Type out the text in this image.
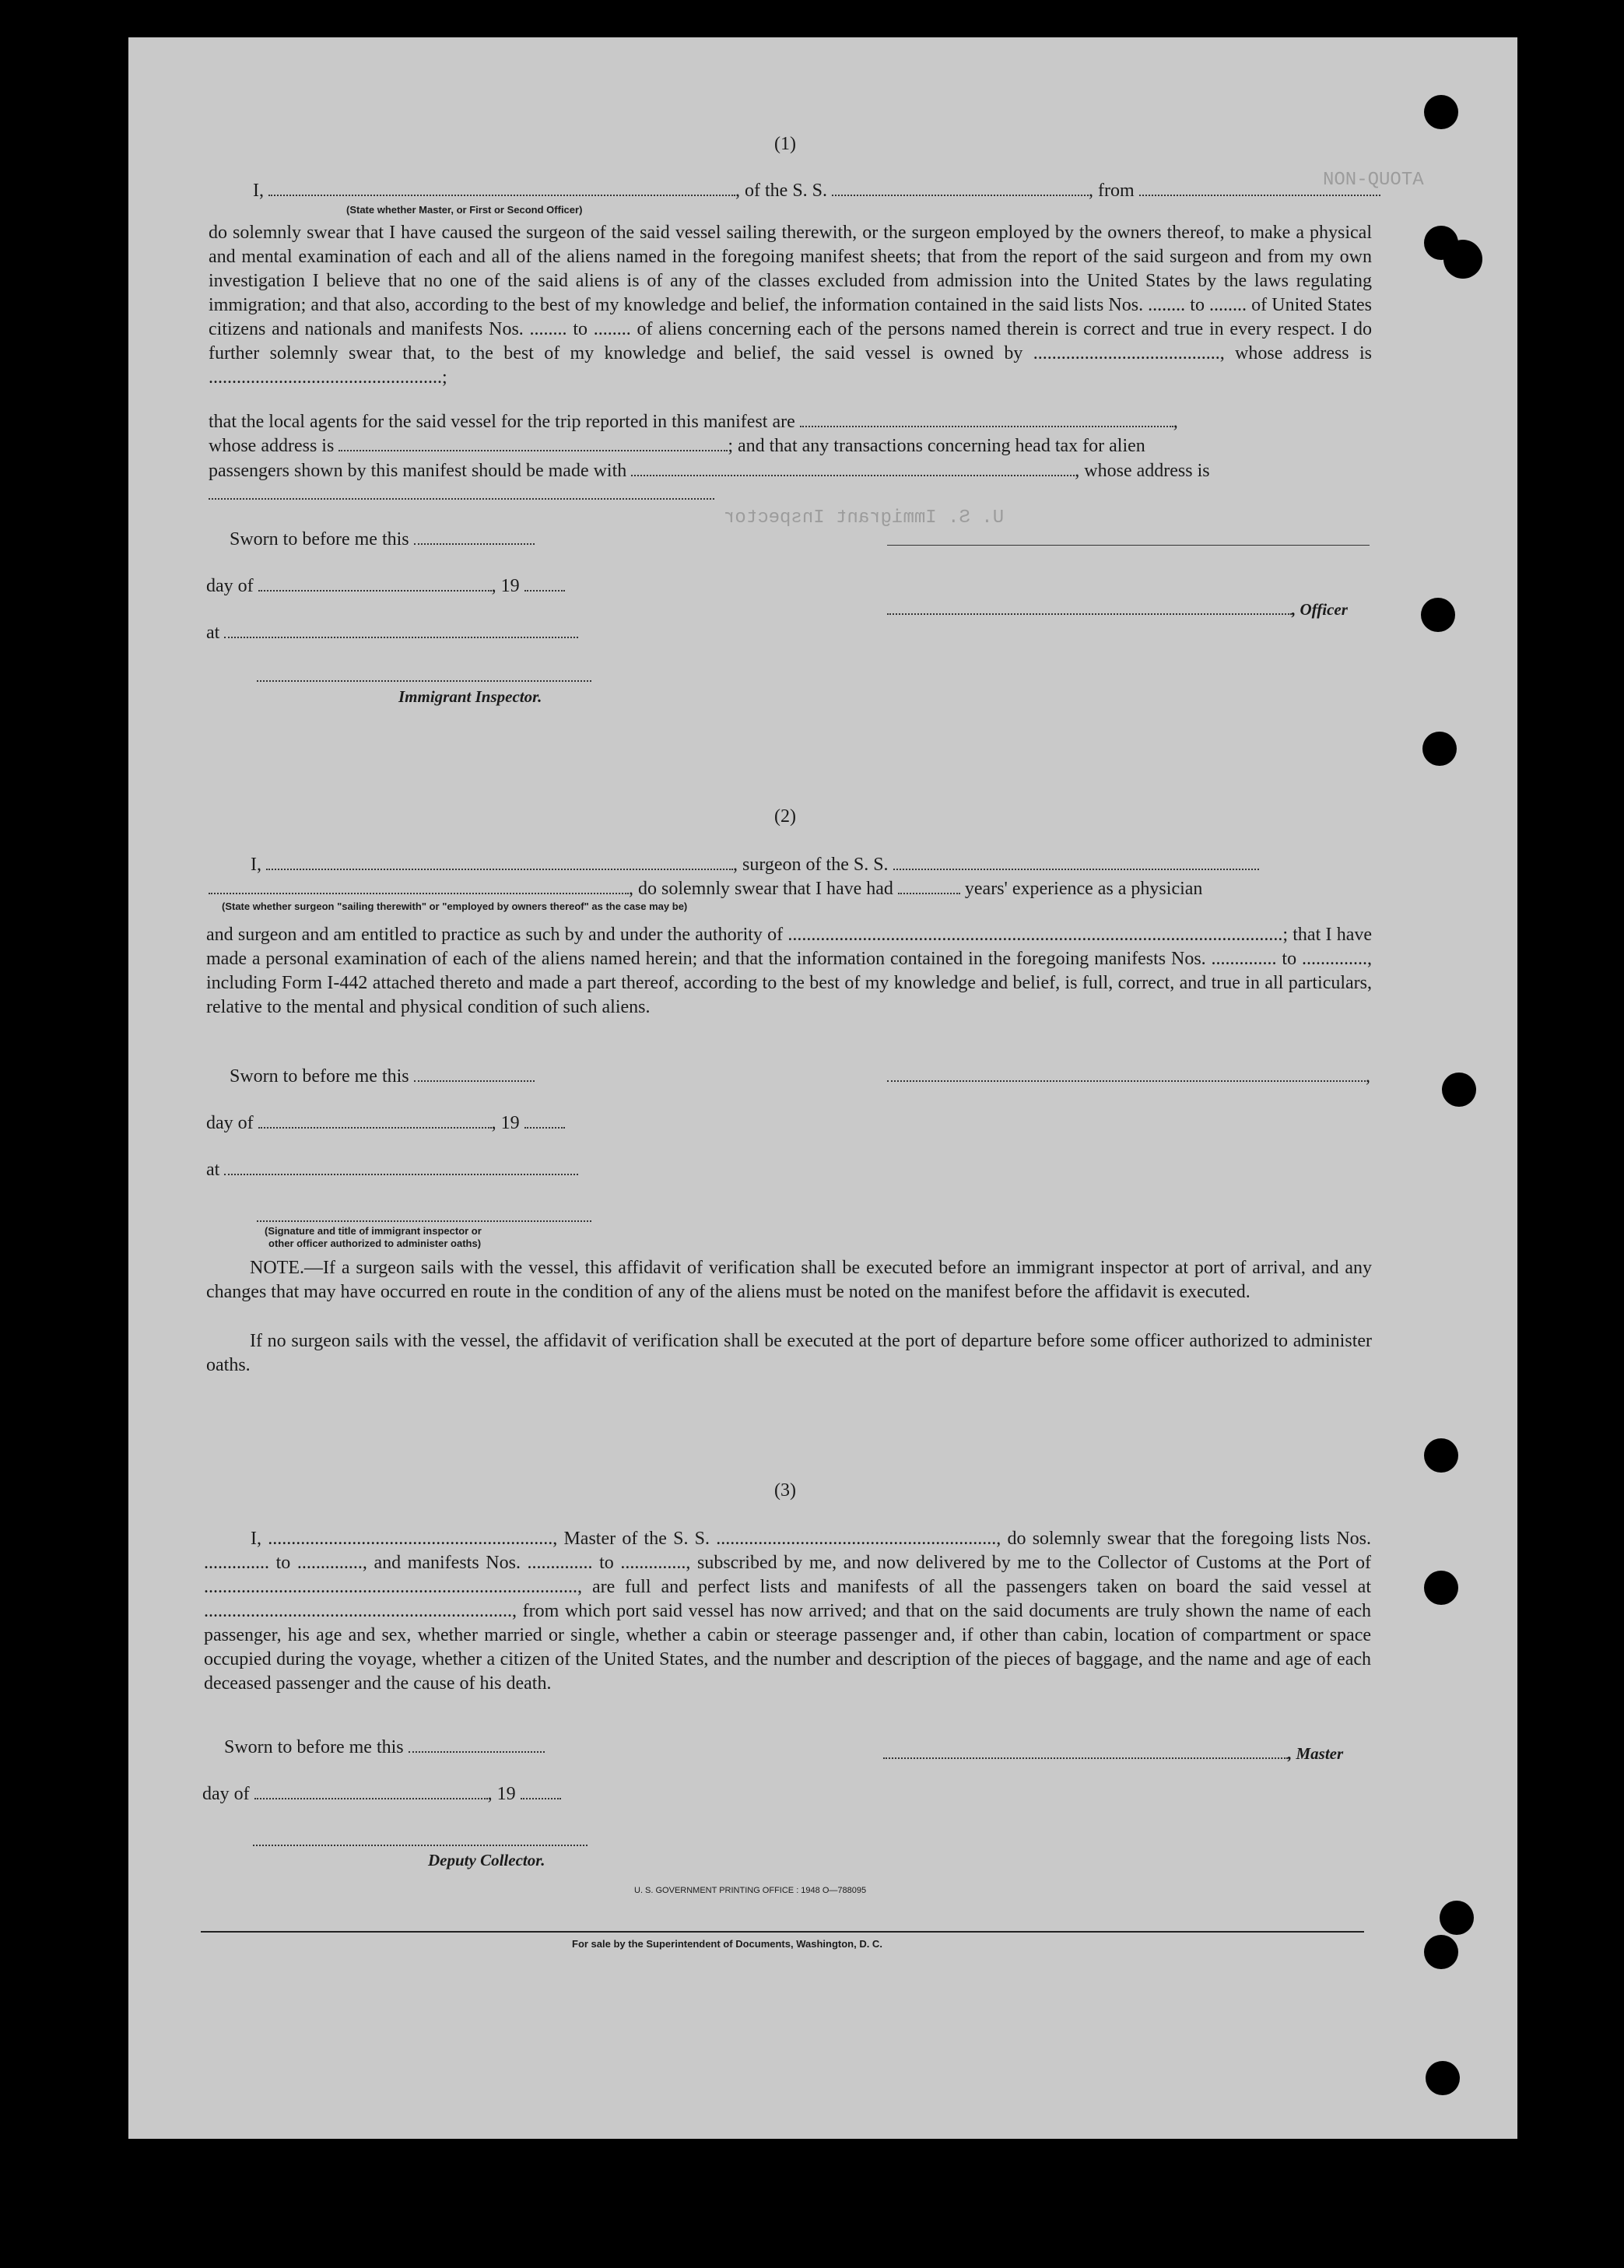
NON-QUOTA
U. S. Immigrant Inspector
(1)
I,	, of the S. S.	, from
(State whether Master, or First or Second Officer)
do solemnly swear that I have caused the surgeon of the said vessel sailing therewith, or the surgeon employed by the owners thereof, to make a physical and mental examination of each and all of the aliens named in the foregoing manifest sheets; that from the report of the said surgeon and from my own investigation I believe that no one of the said aliens is of any of the classes excluded from admission into the United States by the laws regulating immigration; and that also, according to the best of my knowledge and belief, the information contained in the said lists Nos. ........ to ........ of United States citizens and nationals and manifests Nos. ........ to ........ of aliens concerning each of the persons named therein is correct and true in every respect. I do further solemnly swear that, to the best of my knowledge and belief, the said vessel is owned by ........................................, whose address is ..................................................;
that the local agents for the said vessel for the trip reported in this manifest are	,
whose address is	; and that any transactions concerning head tax for alien
passengers shown by this manifest should be made with	, whose address is
Sworn to before me this
day of	, 19
, Officer
at
Immigrant Inspector.
(2)
I,	, surgeon of the S. S.
, do solemnly swear that I have had	years' experience as a physician
(State whether surgeon "sailing therewith" or "employed by owners thereof" as the case may be)
and surgeon and am entitled to practice as such by and under the authority of ..........................................................................................................; that I have made a personal examination of each of the aliens named herein; and that the information contained in the foregoing manifests Nos. .............. to .............., including Form I-442 attached thereto and made a part thereof, according to the best of my knowledge and belief, is full, correct, and true in all particulars, relative to the mental and physical condition of such aliens.
Sworn to before me this	,
day of	, 19
at
(Signature and title of immigrant inspector or
other officer authorized to administer oaths)
NOTE.—If a surgeon sails with the vessel, this affidavit of verification shall be executed before an immigrant inspector at port of arrival, and any changes that may have occurred en route in the condition of any of the aliens must be noted on the manifest before the affidavit is executed.
If no surgeon sails with the vessel, the affidavit of verification shall be executed at the port of departure before some officer authorized to administer oaths.
(3)
I, ............................................................., Master of the S. S. ............................................................, do solemnly swear that the foregoing lists Nos. .............. to .............., and manifests Nos. .............. to .............., subscribed by me, and now delivered by me to the Collector of Customs at the Port of ................................................................................, are full and perfect lists and manifests of all the passengers taken on board the said vessel at .................................................................., from which port said vessel has now arrived; and that on the said documents are truly shown the name of each passenger, his age and sex, whether married or single, whether a cabin or steerage passenger and, if other than cabin, location of compartment or space occupied during the voyage, whether a citizen of the United States, and the number and description of the pieces of baggage, and the name and age of each deceased passenger and the cause of his death.
Sworn to before me this	, Master
day of	, 19
Deputy Collector.
U. S. GOVERNMENT PRINTING OFFICE : 1948 O—788095
For sale by the Superintendent of Documents, Washington, D. C.
